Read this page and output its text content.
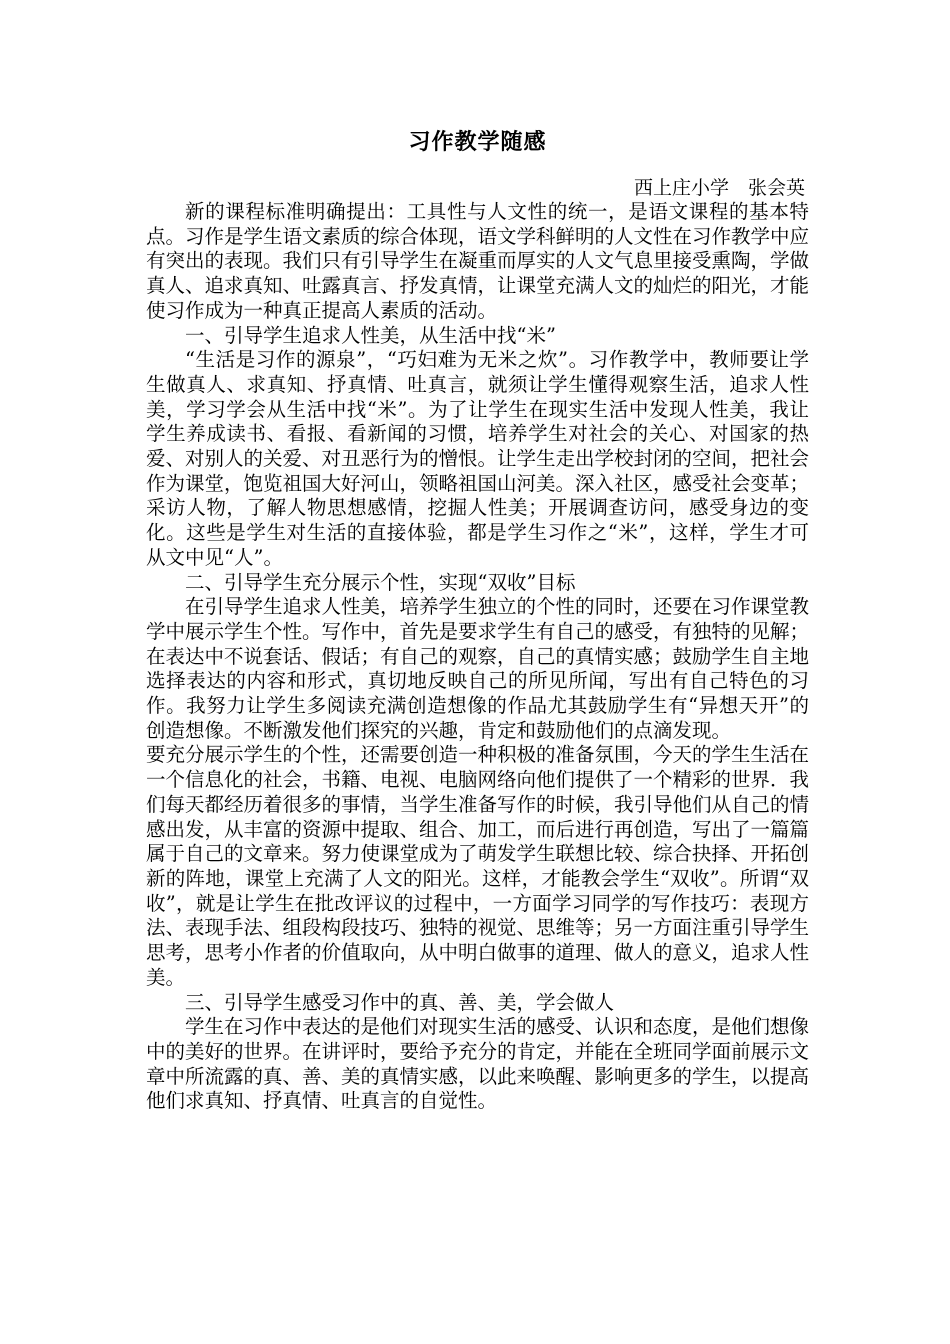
习作教学随感
西上庄小学　张会英

新的课程标准明确提出：工具性与人文性的统一，是语文课程的基本特点。习作是学生语文素质的综合体现，语文学科鲜明的人文性在习作教学中应有突出的表现。我们只有引导学生在凝重而厚实的人文气息里接受熏陶，学做真人、追求真知、吐露真言、抒发真情，让课堂充满人文的灿烂的阳光，才能使习作成为一种真正提高人素质的活动。

一、引导学生追求人性美，从生活中找“米”

“生活是习作的源泉”，“巧妇难为无米之炊”。习作教学中，教师要让学生做真人、求真知、抒真情、吐真言，就须让学生懂得观察生活，追求人性美，学习学会从生活中找“米”。为了让学生在现实生活中发现人性美，我让学生养成读书、看报、看新闻的习惯，培养学生对社会的关心、对国家的热爱、对别人的关爱、对丑恶行为的憎恨。让学生走出学校封闭的空间，把社会作为课堂，饱览祖国大好河山，领略祖国山河美。深入社区，感受社会变革；采访人物，了解人物思想感情，挖掘人性美；开展调查访问，感受身边的变化。这些是学生对生活的直接体验，都是学生习作之“米”，这样，学生才可从文中见“人”。

二、引导学生充分展示个性，实现“双收”目标

在引导学生追求人性美，培养学生独立的个性的同时，还要在习作课堂教学中展示学生个性。写作中，首先是要求学生有自己的感受，有独特的见解；在表达中不说套话、假话；有自己的观察，自己的真情实感；鼓励学生自主地选择表达的内容和形式，真切地反映自己的所见所闻，写出有自己特色的习作。我努力让学生多阅读充满创造想像的作品尤其鼓励学生有“异想天开”的创造想像。不断激发他们探究的兴趣，肯定和鼓励他们的点滴发现。

要充分展示学生的个性，还需要创造一种积极的准备氛围，今天的学生生活在一个信息化的社会，书籍、电视、电脑网络向他们提供了一个精彩的世界．我们每天都经历着很多的事情，当学生准备写作的时候，我引导他们从自己的情感出发，从丰富的资源中提取、组合、加工，而后进行再创造，写出了一篇篇属于自己的文章来。努力使课堂成为了萌发学生联想比较、综合抉择、开拓创新的阵地，课堂上充满了人文的阳光。这样，才能教会学生“双收”。所谓“双收”，就是让学生在批改评议的过程中，一方面学习同学的写作技巧：表现方法、表现手法、组段构段技巧、独特的视觉、思维等；另一方面注重引导学生思考，思考小作者的价值取向，从中明白做事的道理、做人的意义，追求人性美。

三、引导学生感受习作中的真、善、美，学会做人

学生在习作中表达的是他们对现实生活的感受、认识和态度，是他们想像中的美好的世界。在讲评时，要给予充分的肯定，并能在全班同学面前展示文章中所流露的真、善、美的真情实感，以此来唤醒、影响更多的学生，以提高他们求真知、抒真情、吐真言的自觉性。
